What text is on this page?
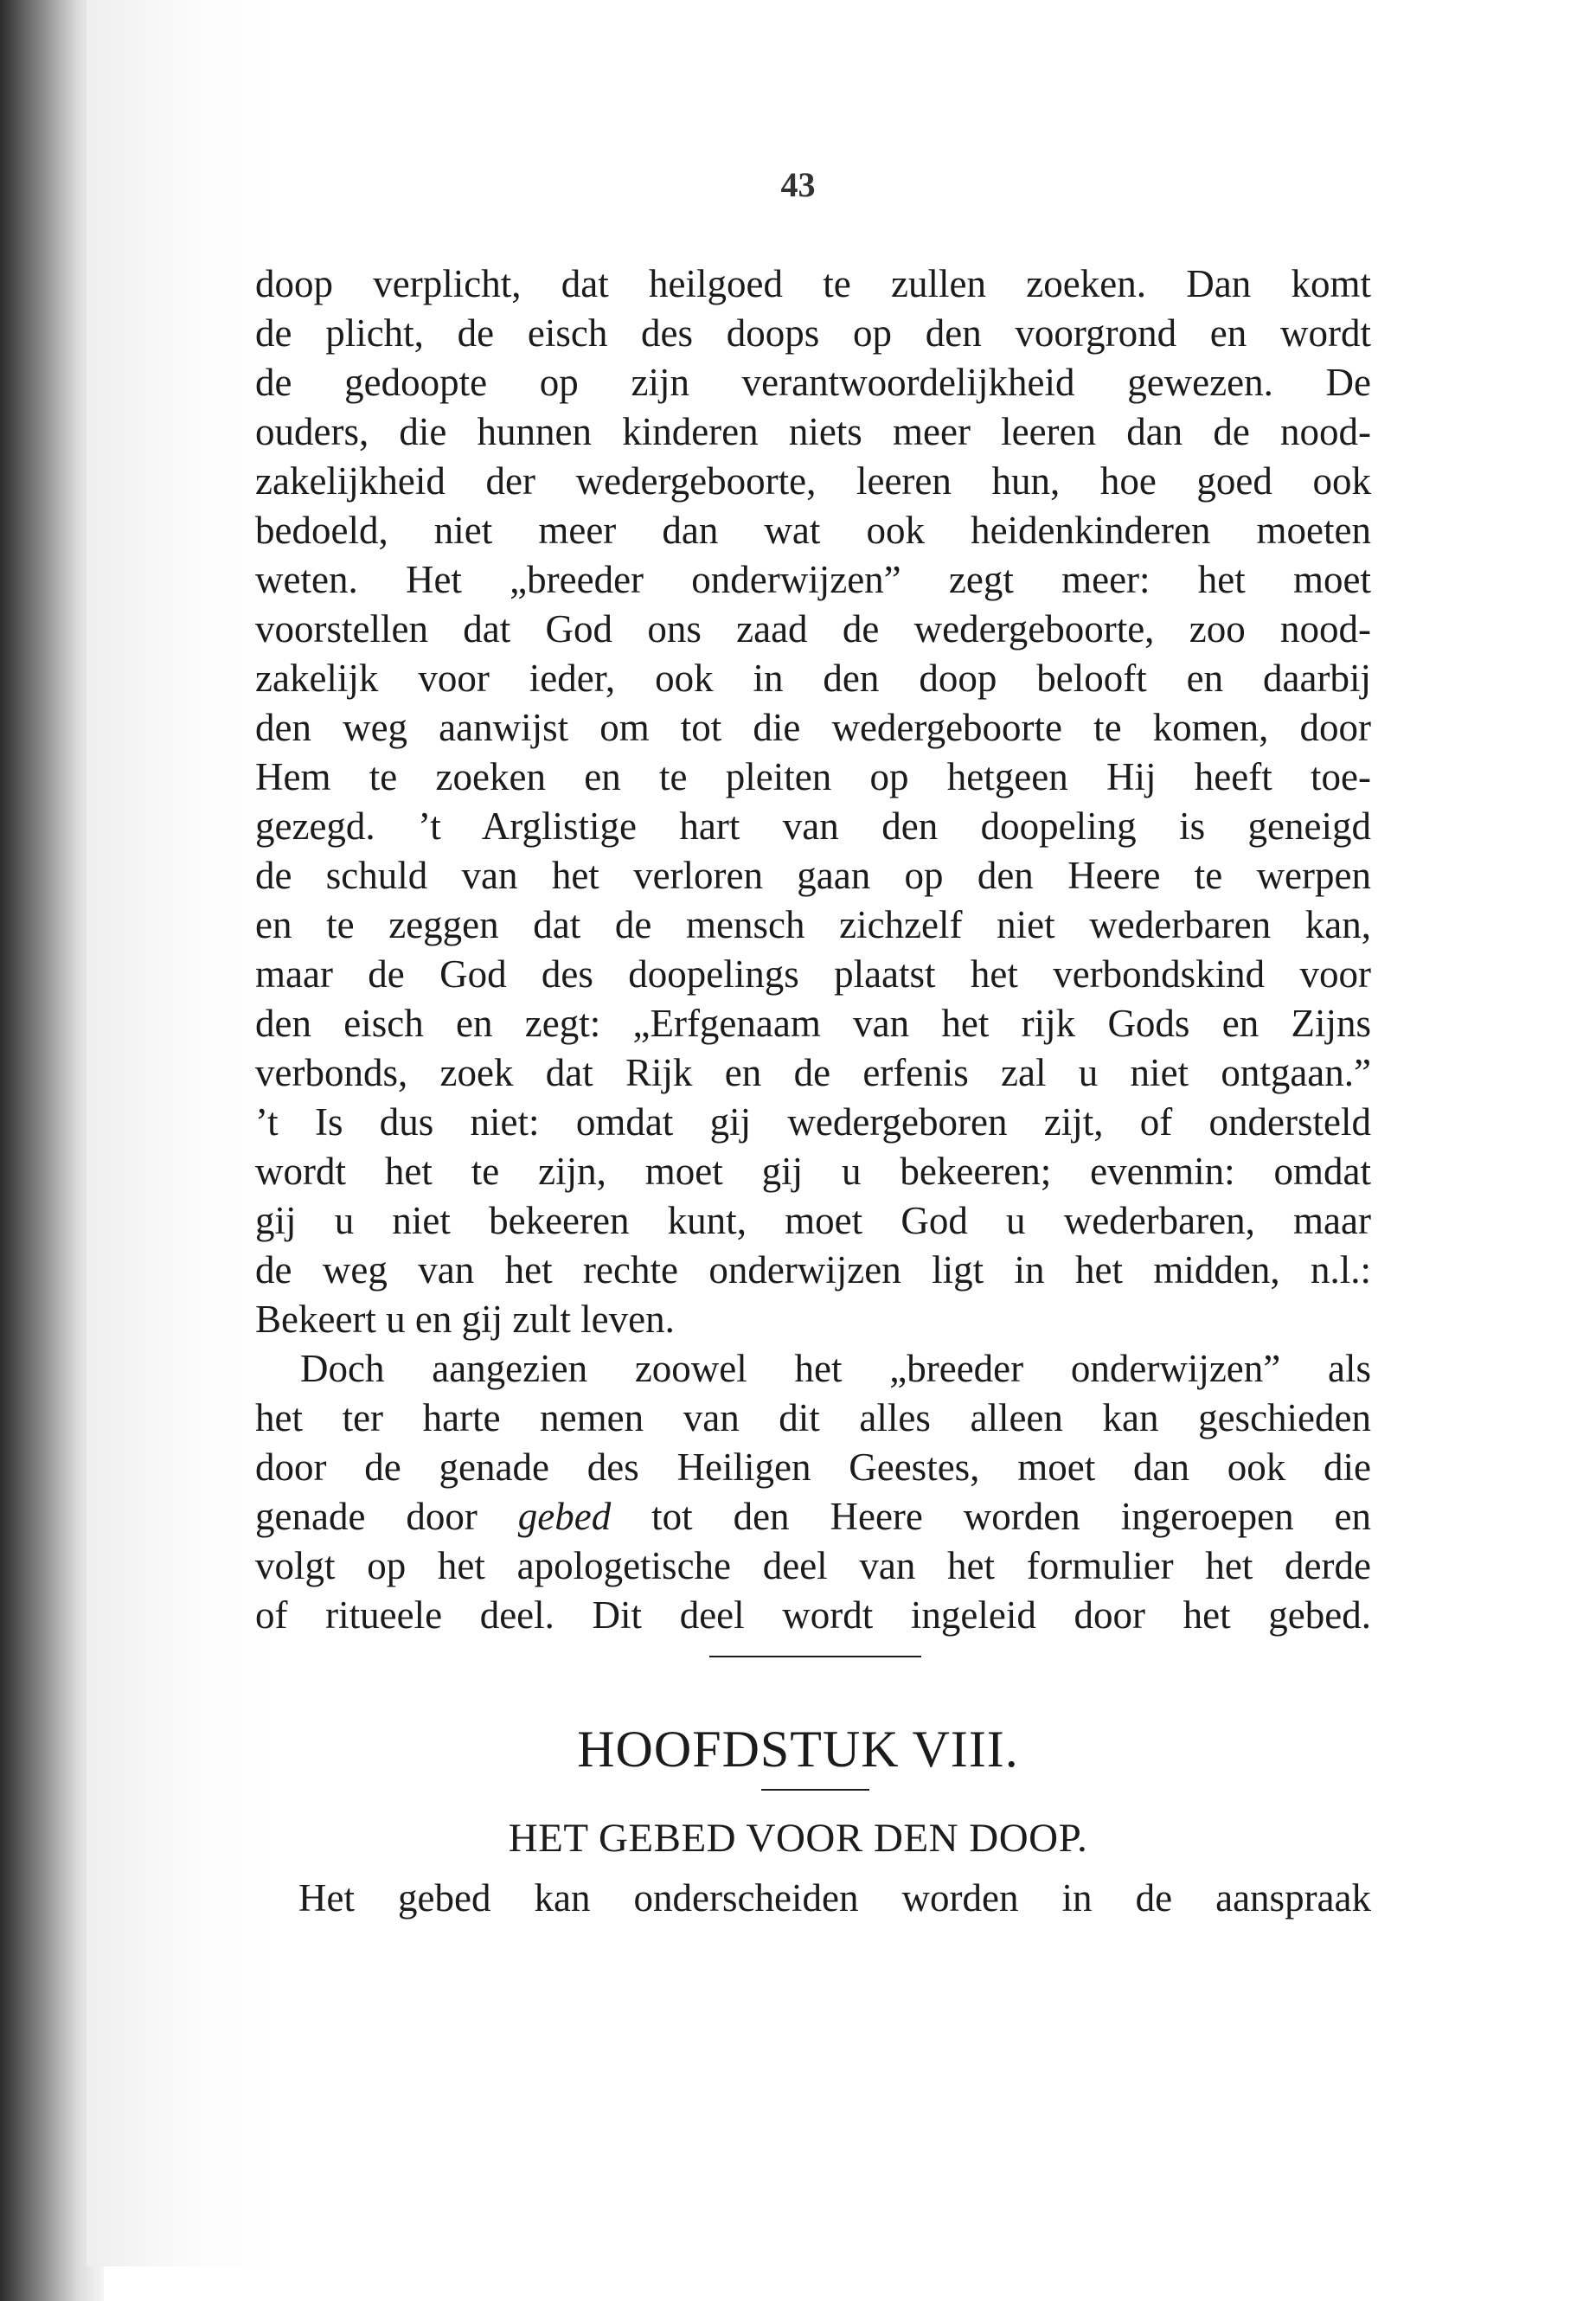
43
doop verplicht, dat heilgoed te zullen zoeken. Dan komt
de plicht, de eisch des doops op den voorgrond en wordt
de gedoopte op zijn verantwoordelijkheid gewezen. De
ouders, die hunnen kinderen niets meer leeren dan de nood-
zakelijkheid der wedergeboorte, leeren hun, hoe goed ook
bedoeld, niet meer dan wat ook heidenkinderen moeten
weten. Het „breeder onderwijzen” zegt meer: het moet
voorstellen dat God ons zaad de wedergeboorte, zoo nood-
zakelijk voor ieder, ook in den doop belooft en daarbij
den weg aanwijst om tot die wedergeboorte te komen, door
Hem te zoeken en te pleiten op hetgeen Hij heeft toe-
gezegd. ’t Arglistige hart van den doopeling is geneigd
de schuld van het verloren gaan op den Heere te werpen
en te zeggen dat de mensch zichzelf niet wederbaren kan,
maar de God des doopelings plaatst het verbondskind voor
den eisch en zegt: „Erfgenaam van het rijk Gods en Zijns
verbonds, zoek dat Rijk en de erfenis zal u niet ontgaan.”
’t Is dus niet: omdat gij wedergeboren zijt, of ondersteld
wordt het te zijn, moet gij u bekeeren; evenmin: omdat
gij u niet bekeeren kunt, moet God u wederbaren, maar
de weg van het rechte onderwijzen ligt in het midden, n.l.:
Bekeert u en gij zult leven.
Doch aangezien zoowel het „breeder onderwijzen” als
het ter harte nemen van dit alles alleen kan geschieden
door de genade des Heiligen Geestes, moet dan ook die
genade door gebed tot den Heere worden ingeroepen en
volgt op het apologetische deel van het formulier het derde
of ritueele deel. Dit deel wordt ingeleid door het gebed.
HOOFDSTUK VIII.
HET GEBED VOOR DEN DOOP.
Het gebed kan onderscheiden worden in de aanspraak
